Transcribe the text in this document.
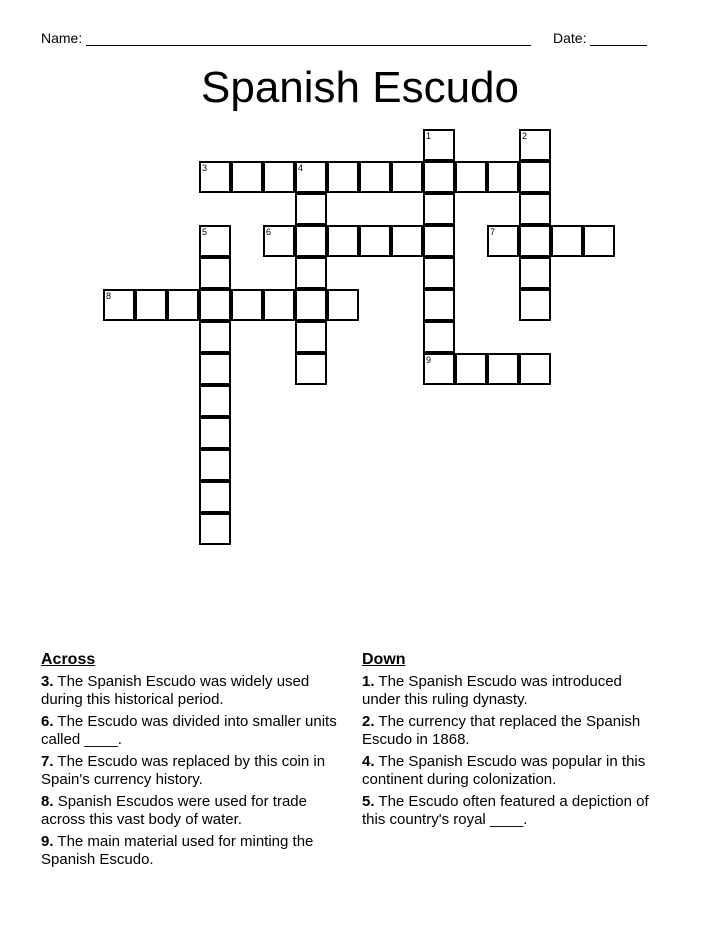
Name:	Date:
Spanish Escudo
1	2
3	4
5	6	7
8
9
Across
3. The Spanish Escudo was widely used during this historical period.
6. The Escudo was divided into smaller units called ____.
7. The Escudo was replaced by this coin in Spain's currency history.
8. Spanish Escudos were used for trade across this vast body of water.
9. The main material used for minting the Spanish Escudo.
Down
1. The Spanish Escudo was introduced under this ruling dynasty.
2. The currency that replaced the Spanish Escudo in 1868.
4. The Spanish Escudo was popular in this continent during colonization.
5. The Escudo often featured a depiction of this country's royal ____.
